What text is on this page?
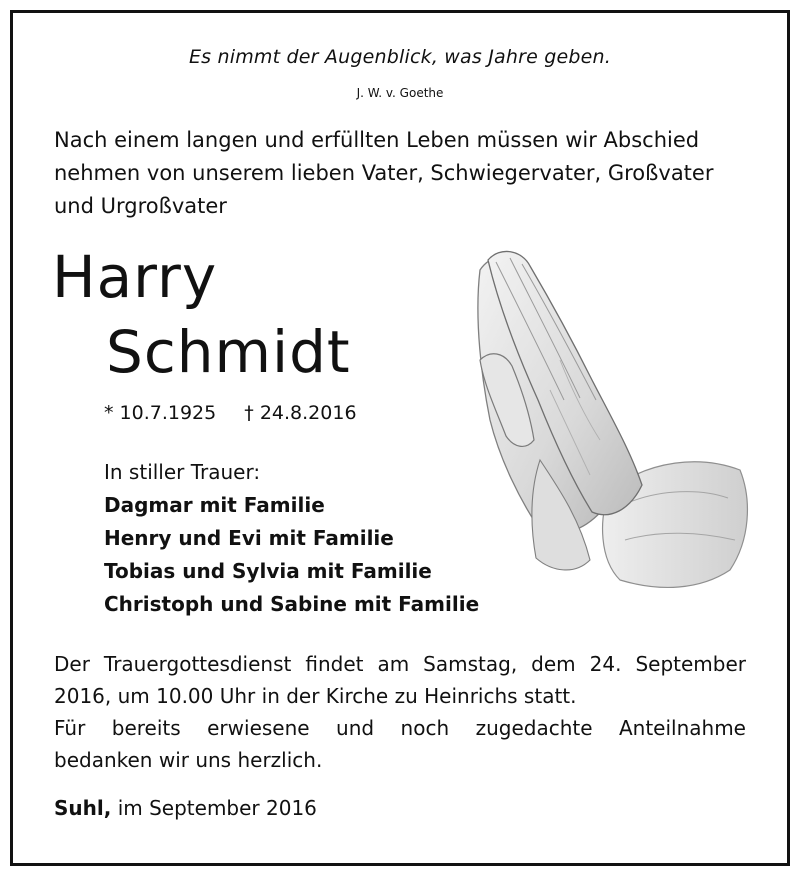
Es nimmt der Augenblick, was Jahre geben.
J. W. v. Goethe
Nach einem langen und erfüllten Leben müssen wir Abschied
nehmen von unserem lieben Vater, Schwiegervater, Großvater
und Urgroßvater
Harry
Schmidt
* 10.7.1925 † 24.8.2016
In stiller Trauer:
Dagmar mit Familie
Henry und Evi mit Familie
Tobias und Sylvia mit Familie
Christoph und Sabine mit Familie

Der Trauergottesdienst findet am Samstag, dem 24. September

2016, um 10.00 Uhr in der Kirche zu Heinrichs statt.

Für bereits erwiesene und noch zugedachte Anteilnahme

bedanken wir uns herzlich.

Suhl, im September 2016
